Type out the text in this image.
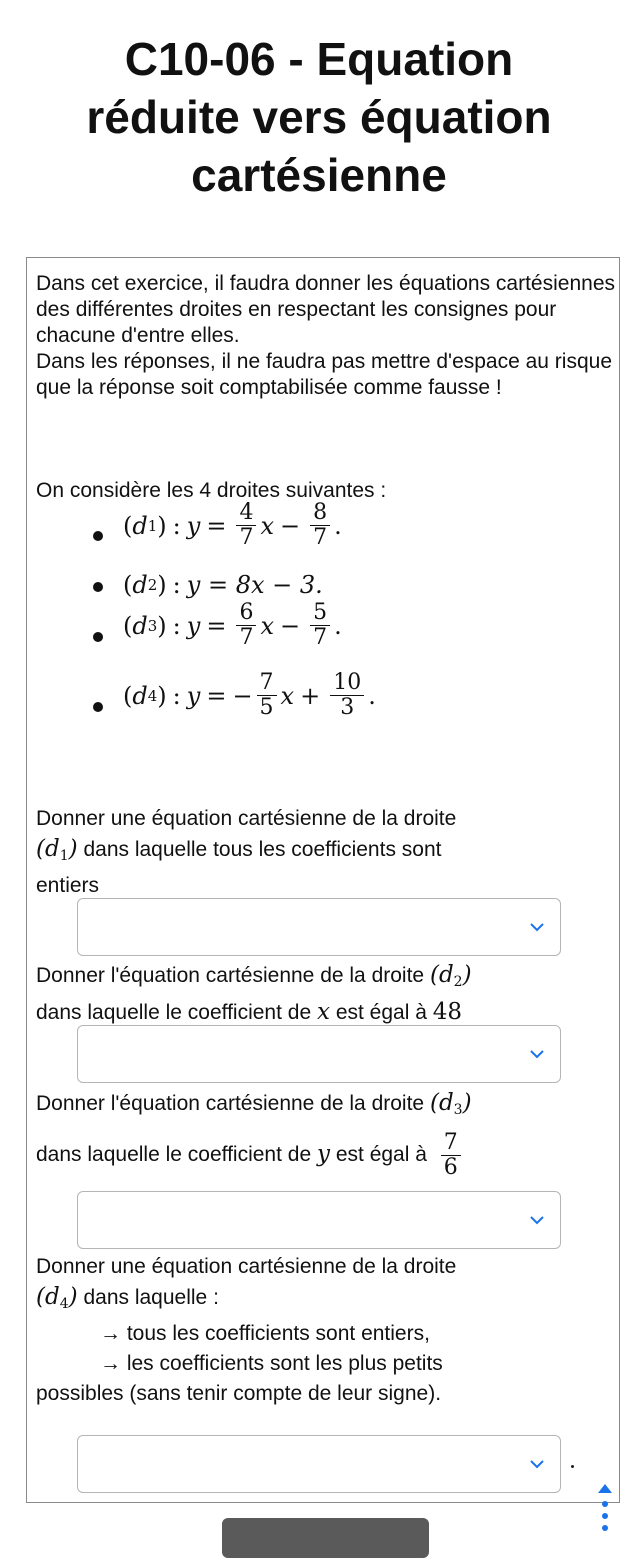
C10-06 - Equation
réduite vers équation
cartésienne
Dans cet exercice, il faudra donner les équations cartésiennes des différentes droites en respectant les consignes pour chacune d'entre elles.
Dans les réponses, il ne faudra pas mettre d'espace au risque que la réponse soit comptabilisée comme fausse !
On considère les 4 droites suivantes :
( d 1 ) : $y = \frac{4}{7}$ $x - \frac{8}{7}$ .
( d 2 ) : y = 8x − 3.
( d 3 ) : $y = \frac{6}{7}$ $x - \frac{5}{7}$ .
( d 4 ) : y = − $\frac{7}{5}$ $x + \frac{10}{3}$ .
Donner une équation cartésienne de la droite
$(d_1)$ dans laquelle tous les coefficients sont
entiers
Donner l'équation cartésienne de la droite $(d_2)$
dans laquelle le coefficient de x est égal à 48
Donner l'équation cartésienne de la droite $(d_3)$
dans laquelle le coefficient de y est égal à $\frac{7}{6}$
Donner une équation cartésienne de la droite
$(d_4)$ dans laquelle :
→ tous les coefficients sont entiers,
→ les coefficients sont les plus petits
possibles (sans tenir compte de leur signe).
